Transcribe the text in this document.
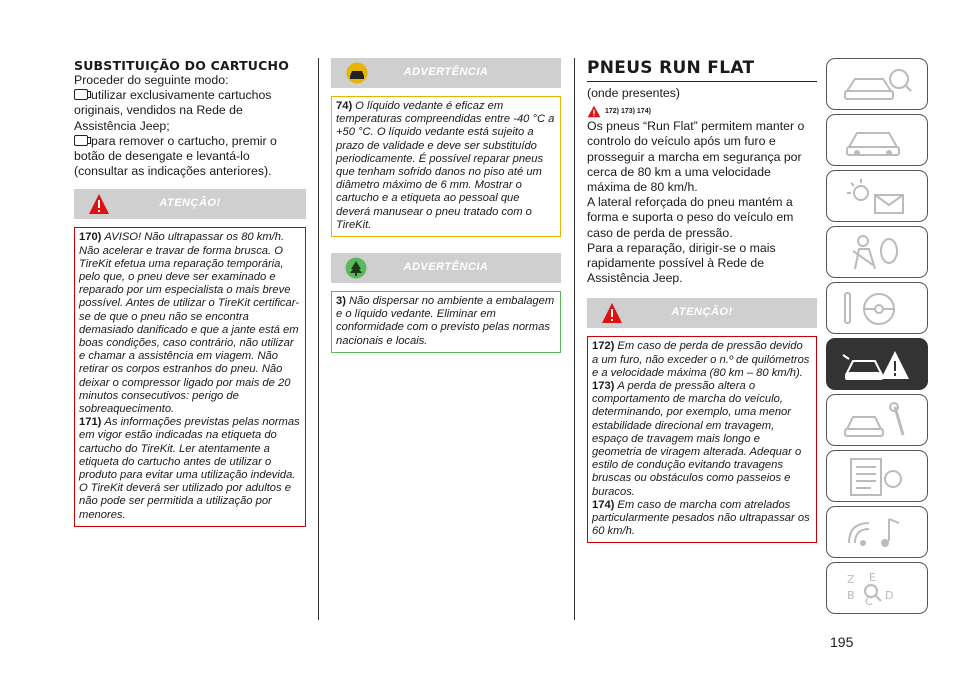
SUBSTITUIÇÃO DO CARTUCHO

Proceder do seguinte modo:

utilizar exclusivamente cartuchos originais, vendidos na Rede de Assistência Jeep;

para remover o cartucho, premir o botão de desengate e levantá-lo (consultar as indicações anteriores).

ATENÇÃO!
170) AVISO! Não ultrapassar os 80 km/h. Não acelerar e travar de forma brusca. O TireKit efetua uma reparação temporária, pelo que, o pneu deve ser examinado e reparado por um especialista o mais breve possível. Antes de utilizar o TireKit certificar-se de que o pneu não se encontra demasiado danificado e que a jante está em boas condições, caso contrário, não utilizar e chamar a assistência em viagem. Não retirar os corpos estranhos do pneu. Não deixar o compressor ligado por mais de 20 minutos consecutivos: perigo de sobreaquecimento.
171) As informações previstas pelas normas em vigor estão indicadas na etiqueta do cartucho do TireKit. Ler atentamente a etiqueta do cartucho antes de utilizar o produto para evitar uma utilização indevida. O TireKit deverá ser utilizado por adultos e não pode ser permitida a utilização por menores.
ADVERTÊNCIA
74) O líquido vedante é eficaz em temperaturas compreendidas entre -40 °C a +50 °C. O líquido vedante está sujeito a prazo de validade e deve ser substituído periodicamente. É possível reparar pneus que tenham sofrido danos no piso até um diâmetro máximo de 6 mm. Mostrar o cartucho e a etiqueta ao pessoal que deverá manusear o pneu tratado com o TireKit.
ADVERTÊNCIA
3) Não dispersar no ambiente a embalagem e o líquido vedante. Eliminar em conformidade com o previsto pelas normas nacionais e locais.
PNEUS RUN FLAT

(onde presentes)

172) 173) 174)

Os pneus “Run Flat” permitem manter o controlo do veículo após um furo e prosseguir a marcha em segurança por cerca de 80 km a uma velocidade máxima de 80 km/h.

A lateral reforçada do pneu mantém a forma e suporta o peso do veículo em caso de perda de pressão.

Para a reparação, dirigir-se o mais rapidamente possível à Rede de Assistência Jeep.

ATENÇÃO!
172) Em caso de perda de pressão devido a um furo, não exceder o n.º de quilómetros e a velocidade máxima (80 km – 80 km/h).
173) A perda de pressão altera o comportamento de marcha do veículo, determinando, por exemplo, uma menor estabilidade direcional em travagem, espaço de travagem mais longo e geometria de viragem alterada. Adequar o estilo de condução evitando travagens bruscas ou obstáculos como passeios e buracos.
174) Em caso de marcha com atrelados particularmente pesados não ultrapassar os 60 km/h.
Z E
B C D
195
